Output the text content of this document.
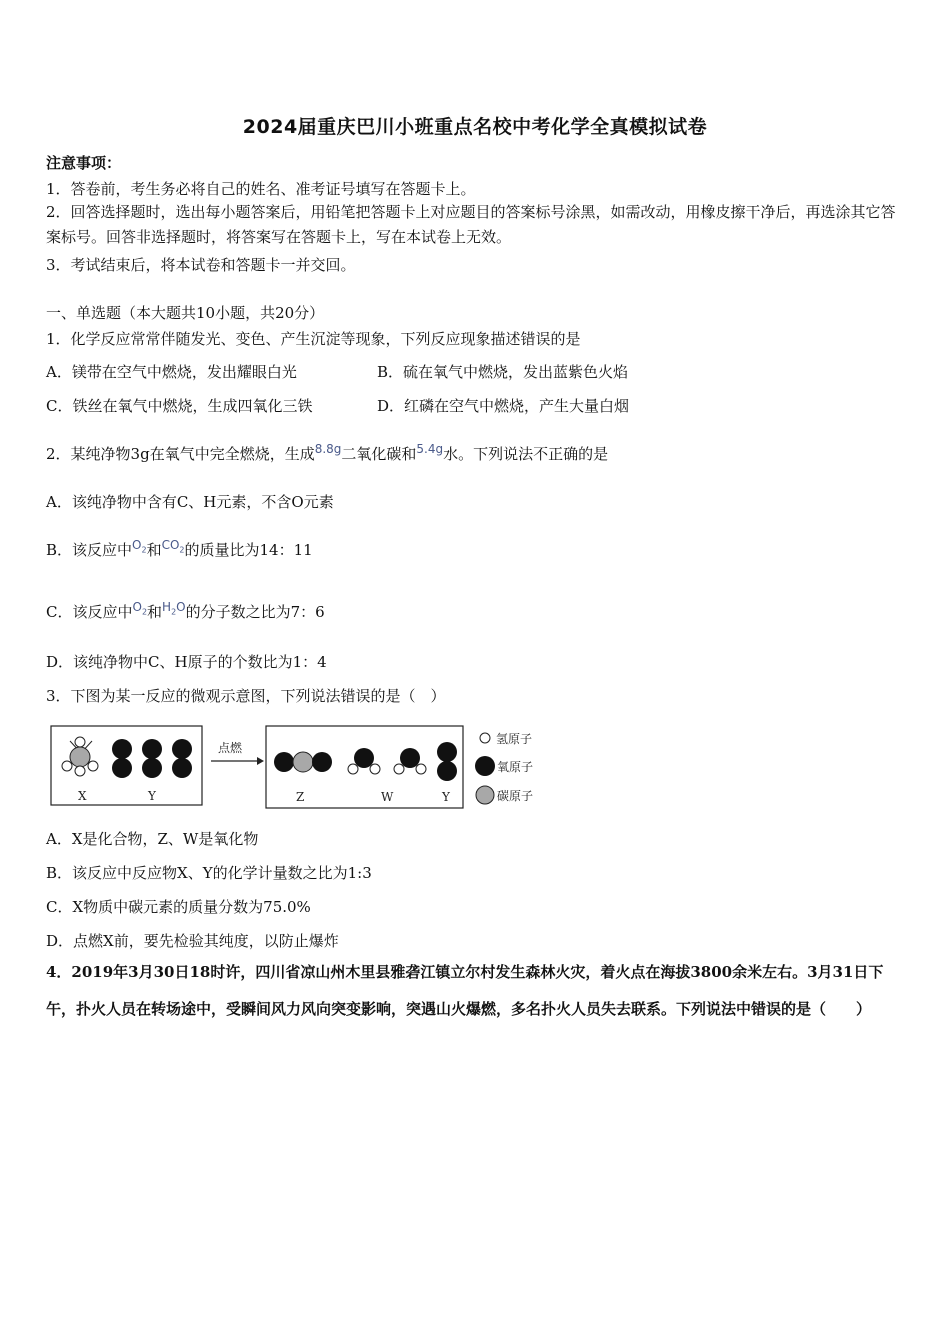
2024届重庆巴川小班重点名校中考化学全真模拟试卷
注意事项：
1．答卷前，考生务必将自己的姓名、准考证号填写在答题卡上。
2．回答选择题时，选出每小题答案后，用铅笔把答题卡上对应题目的答案标号涂黑，如需改动，用橡皮擦干净后，再选涂其它答案标号。回答非选择题时，将答案写在答题卡上，写在本试卷上无效。
3．考试结束后，将本试卷和答题卡一并交回。
一、单选题（本大题共10小题，共20分）
1．化学反应常常伴随发光、变色、产生沉淀等现象，下列反应现象描述错误的是
A．镁带在空气中燃烧，发出耀眼白光	B．硫在氧气中燃烧，发出蓝紫色火焰
C．铁丝在氧气中燃烧，生成四氧化三铁	D．红磷在空气中燃烧，产生大量白烟
2．某纯净物3g在氧气中完全燃烧，生成$^{8.8g}$二氧化碳和$^{5.4g}$水。下列说法不正确的是
A．该纯净物中含有C、H元素，不含O元素
B．该反应中$^{O_2}$和$^{CO_2}$的质量比为14：11
C．该反应中$^{O_2}$和$^{H_2O}$的分子数之比为7：6
D．该纯净物中C、H原子的个数比为1：4
3．下图为某一反应的微观示意图，下列说法错误的是（　）
X	Y
点燃
Z	W	Y
氢原子
氧原子
碳原子
A．X是化合物，Z、W是氧化物
B．该反应中反应物X、Y的化学计量数之比为1:3
C．X物质中碳元素的质量分数为75.0%
D．点燃X前，要先检验其纯度，以防止爆炸
4．2019年3月30日18时许，四川省凉山州木里县雅砻江镇立尔村发生森林火灾，着火点在海拔3800余米左右。3月31日下午，扑火人员在转场途中，受瞬间风力风向突变影响，突遇山火爆燃，多名扑火人员失去联系。下列说法中错误的是（　　）
